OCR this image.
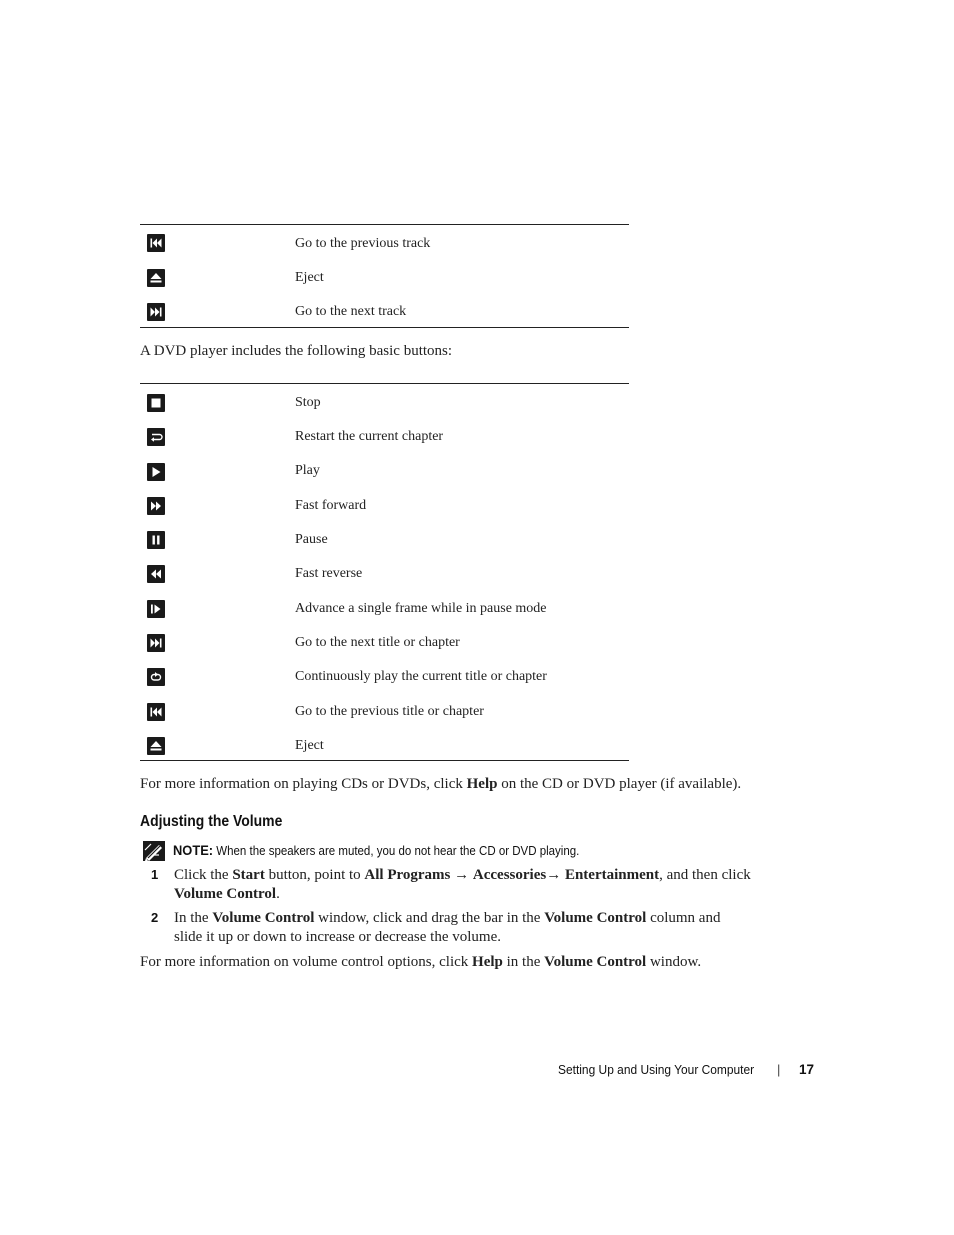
Go to the previous track
Eject
Go to the next track
A DVD player includes the following basic buttons:
Stop
Restart the current chapter
Play
Fast forward
Pause
Fast reverse
Advance a single frame while in pause mode
Go to the next title or chapter
Continuously play the current title or chapter
Go to the previous title or chapter
Eject
For more information on playing CDs or DVDs, click Help on the CD or DVD player (if available).
Adjusting the Volume
NOTE: When the speakers are muted, you do not hear the CD or DVD playing.
1 Click the Start button, point to All Programs → Accessories→ Entertainment, and then click
Volume Control.
2 In the Volume Control window, click and drag the bar in the Volume Control column and
slide it up or down to increase or decrease the volume.
For more information on volume control options, click Help in the Volume Control window.
Setting Up and Using Your Computer | 17
